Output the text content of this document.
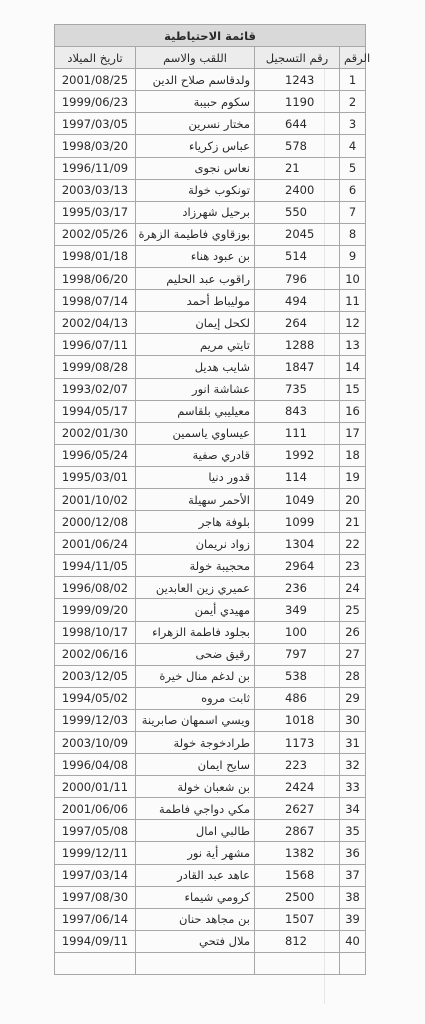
قائمة الاحتياطية			
تاريخ الميلاد	اللقب والاسم	رقم التسجيل	الرقم
2001/08/25	ولدقاسم صلاح الدين	1243	1
1999/06/23	سكوم حبيبة	1190	2
1997/03/05	مختار نسرين	644	3
1998/03/20	عباس زكرياء	578	4
1996/11/09	نعاس نجوى	21	5
2003/03/13	تونكوب خولة	2400	6
1995/03/17	برحيل شهرزاد	550	7
2002/05/26	بوزقاوي فاطيمة الزهرة	2045	8
1998/01/18	بن عبود هناء	514	9
1998/06/20	راقوب عبد الحليم	796	10
1998/07/14	موليباط أحمد	494	11
2002/04/13	لكحل إيمان	264	12
1996/07/11	تايتي مريم	1288	13
1999/08/28	شايب هديل	1847	14
1993/02/07	عشاشة انور	735	15
1994/05/17	معيليبي بلقاسم	843	16
2002/01/30	عيساوي ياسمين	111	17
1996/05/24	قادري صفية	1992	18
1995/03/01	قدور دنيا	114	19
2001/10/02	الأحمر سهيلة	1049	20
2000/12/08	بلوفة هاجر	1099	21
2001/06/24	زواد نريمان	1304	22
1994/11/05	محجيبة خولة	2964	23
1996/08/02	عميري زين العابدين	236	24
1999/09/20	مهيدي أيمن	349	25
1998/10/17	بجلود فاطمة الزهراء	100	26
2002/06/16	رقيق ضحى	797	27
2003/12/05	بن لدغم منال خيرة	538	28
1994/05/02	ثابت مروه	486	29
1999/12/03	ويسي اسمهان صابرينة	1018	30
2003/10/09	طرادخوجة خولة	1173	31
1996/04/08	سايح ايمان	223	32
2000/01/11	بن شعبان خولة	2424	33
2001/06/06	مكي دواجي فاطمة	2627	34
1997/05/08	طالبي امال	2867	35
1999/12/11	مشهر أية نور	1382	36
1997/03/14	عاهد عبد القادر	1568	37
1997/08/30	كرومي شيماء	2500	38
1997/06/14	بن مجاهد حنان	1507	39
1994/09/11	ملال فتحي	812	40
